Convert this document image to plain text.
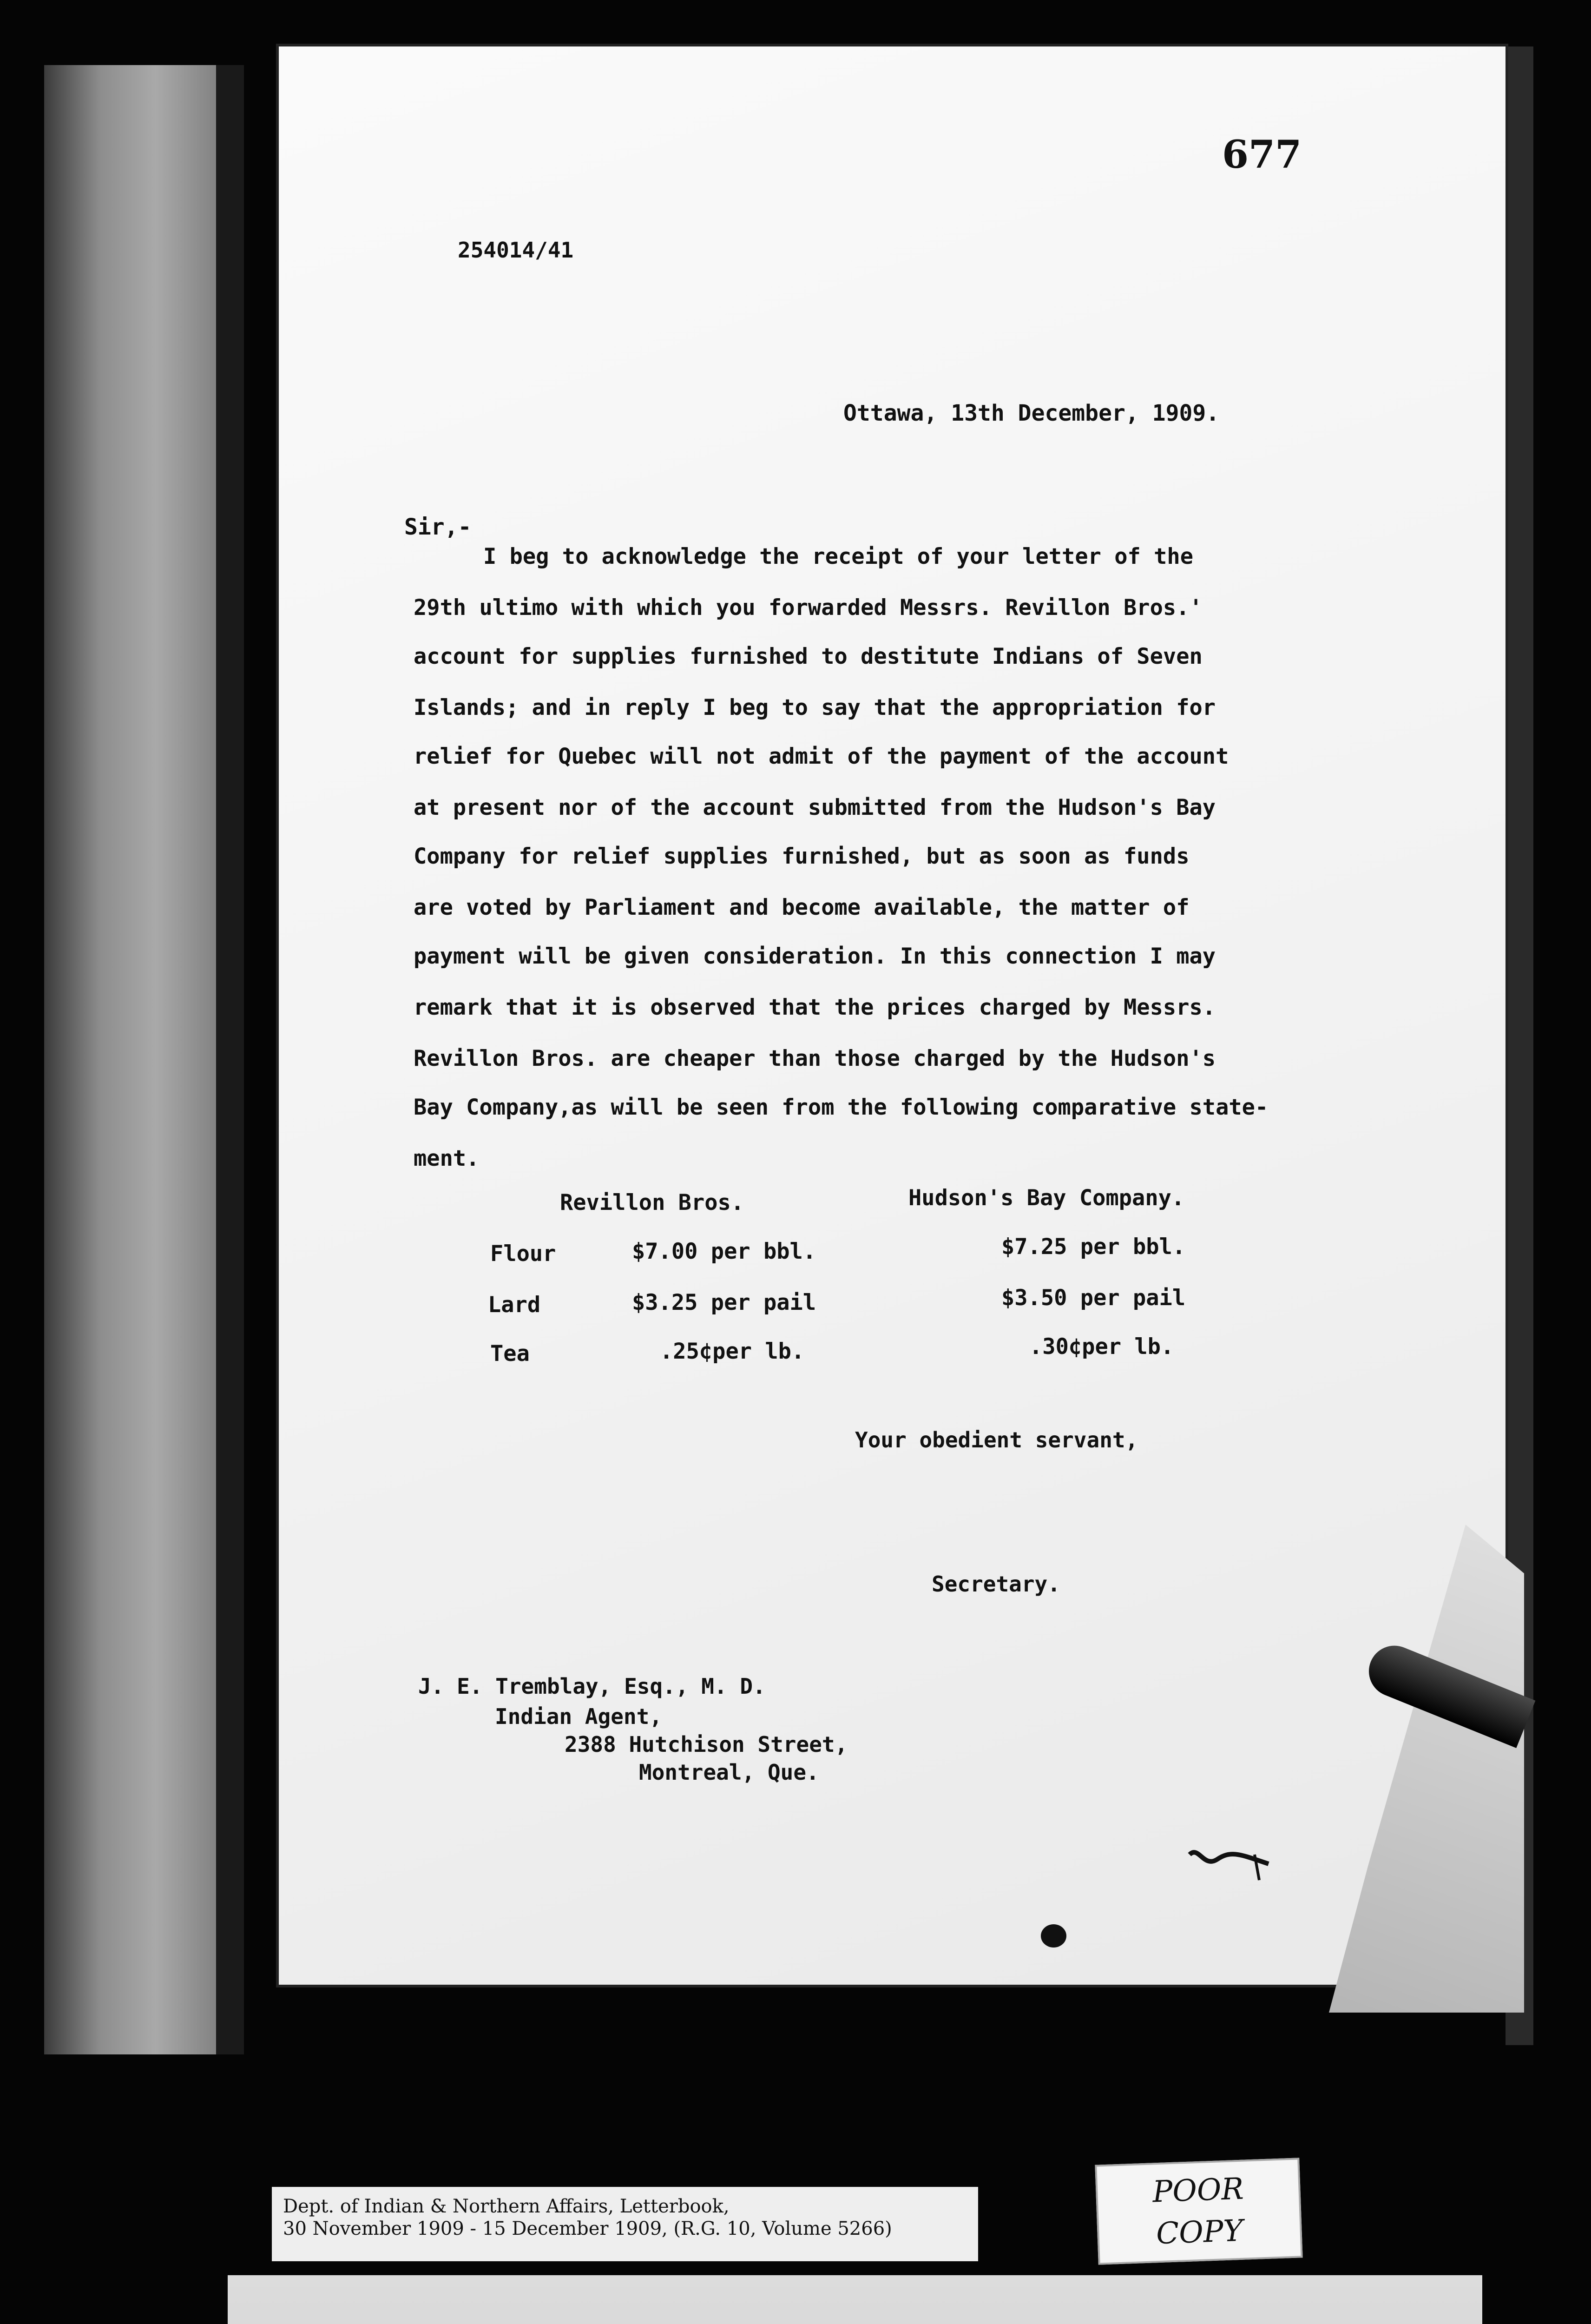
677
254014/41
Ottawa, 13th December, 1909.
Sir,-
I beg to acknowledge the receipt of your letter of the
29th ultimo with which you forwarded Messrs. Revillon Bros.'
account for supplies furnished to destitute Indians of Seven
Islands; and in reply I beg to say that the appropriation for
relief for Quebec will not admit of the payment of the account
at present nor of the account submitted from the Hudson's Bay
Company for relief supplies furnished, but as soon as funds
are voted by Parliament and become available, the matter of
payment will be given consideration. In this connection I may
remark that it is observed that the prices charged by Messrs.
Revillon Bros. are cheaper than those charged by the Hudson's
Bay Company,as will be seen from the following comparative state-
ment.
Revillon Bros.	Hudson's Bay Company.
Flour	$7.00 per bbl.	$7.25 per bbl.
Lard	$3.25 per pail	$3.50 per pail
Tea	.25¢per lb.	.30¢per lb.
Your obedient servant,
Secretary.
J. E. Tremblay, Esq., M. D.
Indian Agent,
2388 Hutchison Street,
Montreal, Que.
Dept. of Indian & Northern Affairs, Letterbook,
30 November 1909 - 15 December 1909, (R.G. 10, Volume 5266)
POOR
COPY
